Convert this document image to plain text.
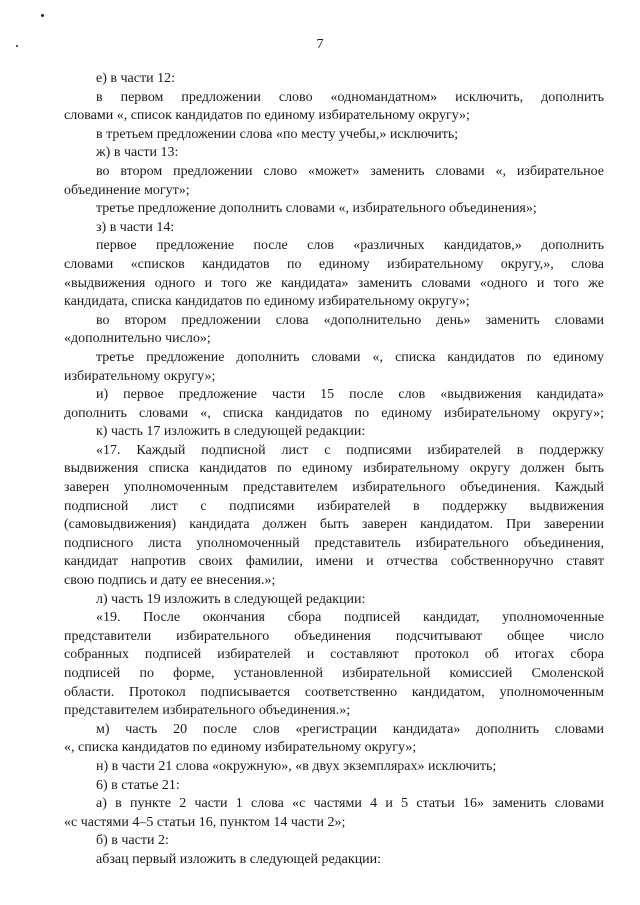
7

е) в части 12:

в первом предложении слово «одномандатном» исключить, дополнить

словами «, список кандидатов по единому избирательному округу»;

в третьем предложении слова «по месту учебы,» исключить;

ж) в части 13:

во втором предложении слово «может» заменить словами «, избирательное

объединение могут»;

третье предложение дополнить словами «, избирательного объединения»;

з) в части 14:

первое предложение после слов «различных кандидатов,» дополнить

словами «списков кандидатов по единому избирательному округу,», слова

«выдвижения одного и того же кандидата» заменить словами «одного и того же

кандидата, списка кандидатов по единому избирательному округу»;

во втором предложении слова «дополнительно день» заменить словами

«дополнительно число»;

третье предложение дополнить словами «, списка кандидатов по единому

избирательному округу»;

и) первое предложение части 15 после слов «выдвижения кандидата»

дополнить словами «, списка кандидатов по единому избирательному округу»;

к) часть 17 изложить в следующей редакции:

«17. Каждый подписной лист с подписями избирателей в поддержку

выдвижения списка кандидатов по единому избирательному округу должен быть

заверен уполномоченным представителем избирательного объединения. Каждый

подписной лист с подписями избирателей в поддержку выдвижения

(самовыдвижения) кандидата должен быть заверен кандидатом. При заверении

подписного листа уполномоченный представитель избирательного объединения,

кандидат напротив своих фамилии, имени и отчества собственноручно ставят

свою подпись и дату ее внесения.»;

л) часть 19 изложить в следующей редакции:

«19. После окончания сбора подписей кандидат, уполномоченные

представители избирательного объединения подсчитывают общее число

собранных подписей избирателей и составляют протокол об итогах сбора

подписей по форме, установленной избирательной комиссией Смоленской

области. Протокол подписывается соответственно кандидатом, уполномоченным

представителем избирательного объединения.»;

м) часть 20 после слов «регистрации кандидата» дополнить словами

«, списка кандидатов по единому избирательному округу»;

н) в части 21 слова «окружную», «в двух экземплярах» исключить;

6) в статье 21:

а) в пункте 2 части 1 слова «с частями 4 и 5 статьи 16» заменить словами

«с частями 4–5 статьи 16, пунктом 14 части 2»;

б) в части 2:

абзац первый изложить в следующей редакции:
